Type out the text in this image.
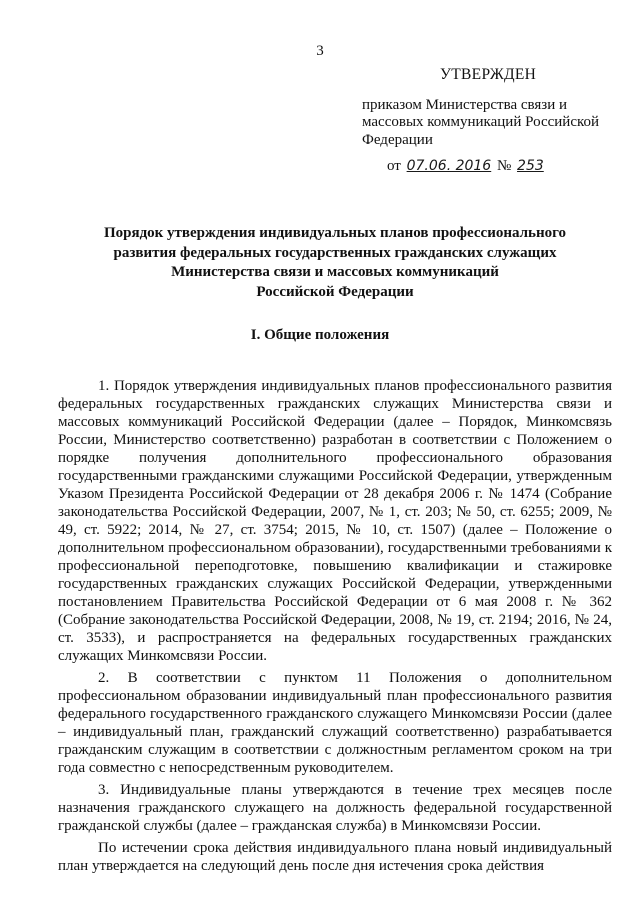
3
УТВЕРЖДЕН
приказом Министерства связи и
массовых коммуникаций Российской
Федерации
от 07.06. 2016 № 253
Порядок утверждения индивидуальных планов профессионального
развития федеральных государственных гражданских служащих
Министерства связи и массовых коммуникаций
Российской Федерации
I. Общие положения

1. Порядок утверждения индивидуальных планов профессионального развития федеральных государственных гражданских служащих Министерства связи и массовых коммуникаций Российской Федерации (далее – Порядок, Минкомсвязь России, Министерство соответственно) разработан в соответствии с Положением о порядке получения дополнительного профессионального образования государственными гражданскими служащими Российской Федерации, утвержденным Указом Президента Российской Федерации от 28 декабря 2006 г. № 1474 (Собрание законодательства Российской Федерации, 2007, № 1, ст. 203; № 50, ст. 6255; 2009, № 49, ст. 5922; 2014, № 27, ст. 3754; 2015, № 10, ст. 1507) (далее – Положение о дополнительном профессиональном образовании), государственными требованиями к профессиональной переподготовке, повышению квалификации и стажировке государственных гражданских служащих Российской Федерации, утвержденными постановлением Правительства Российской Федерации от 6 мая 2008 г. № 362 (Собрание законодательства Российской Федерации, 2008, № 19, ст. 2194; 2016, № 24, ст. 3533), и распространяется на федеральных государственных гражданских служащих Минкомсвязи России.

2. В соответствии с пунктом 11 Положения о дополнительном профессиональном образовании индивидуальный план профессионального развития федерального государственного гражданского служащего Минкомсвязи России (далее – индивидуальный план, гражданский служащий соответственно) разрабатывается гражданским служащим в соответствии с должностным регламентом сроком на три года совместно с непосредственным руководителем.

3. Индивидуальные планы утверждаются в течение трех месяцев после назначения гражданского служащего на должность федеральной государственной гражданской службы (далее – гражданская служба) в Минкомсвязи России.

По истечении срока действия индивидуального плана новый индивидуальный план утверждается на следующий день после дня истечения срока действия
